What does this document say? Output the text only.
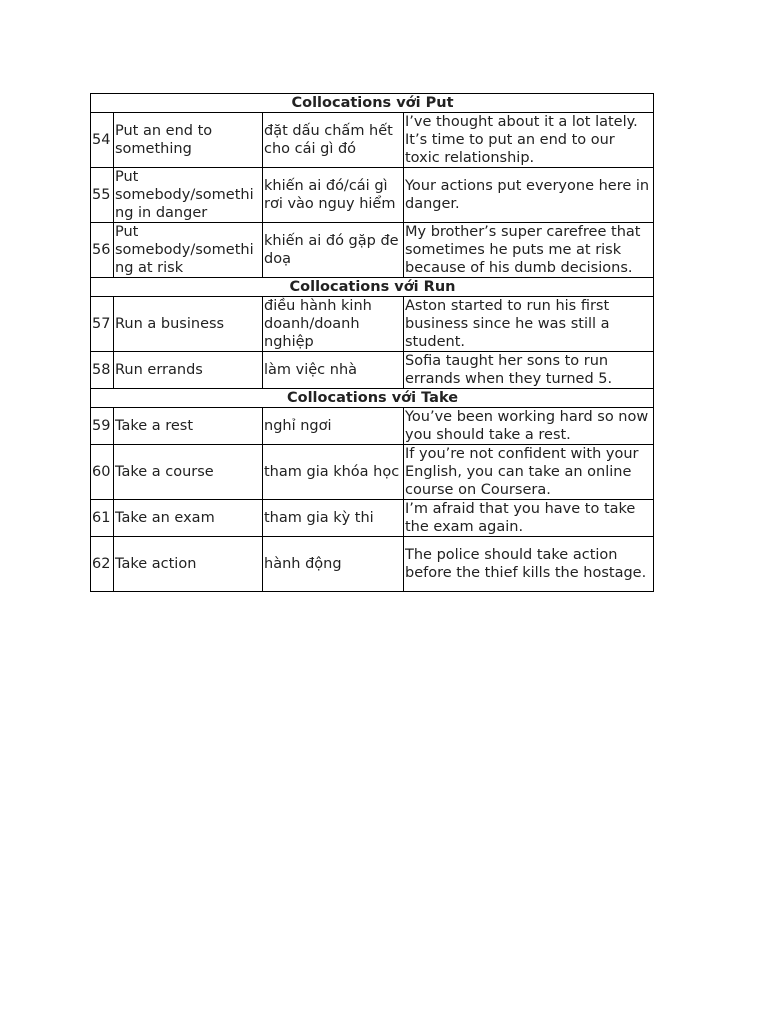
Collocations với Put			
54	Put an end to something	đặt dấu chấm hết cho cái gì đó	I’ve thought about it a lot lately. It’s time to put an end to our toxic relationship.
55	Put somebody/something in danger	khiến ai đó/cái gì rơi vào nguy hiểm	Your actions put everyone here in danger.
56	Put somebody/something at risk	khiến ai đó gặp đe doạ	My brother’s super carefree that sometimes he puts me at risk because of his dumb decisions.
Collocations với Run			
57	Run a business	điều hành kinh doanh/doanh nghiệp	Aston started to run his first business since he was still a student.
58	Run errands	làm việc nhà	Sofia taught her sons to run errands when they turned 5.
Collocations với Take			
59	Take a rest	nghỉ ngơi	You’ve been working hard so now you should take a rest.
60	Take a course	tham gia khóa học	If you’re not confident with your English, you can take an online course on Coursera.
61	Take an exam	tham gia kỳ thi	I’m afraid that you have to take the exam again.
62	Take action	hành động	The police should take action before the thief kills the hostage.
